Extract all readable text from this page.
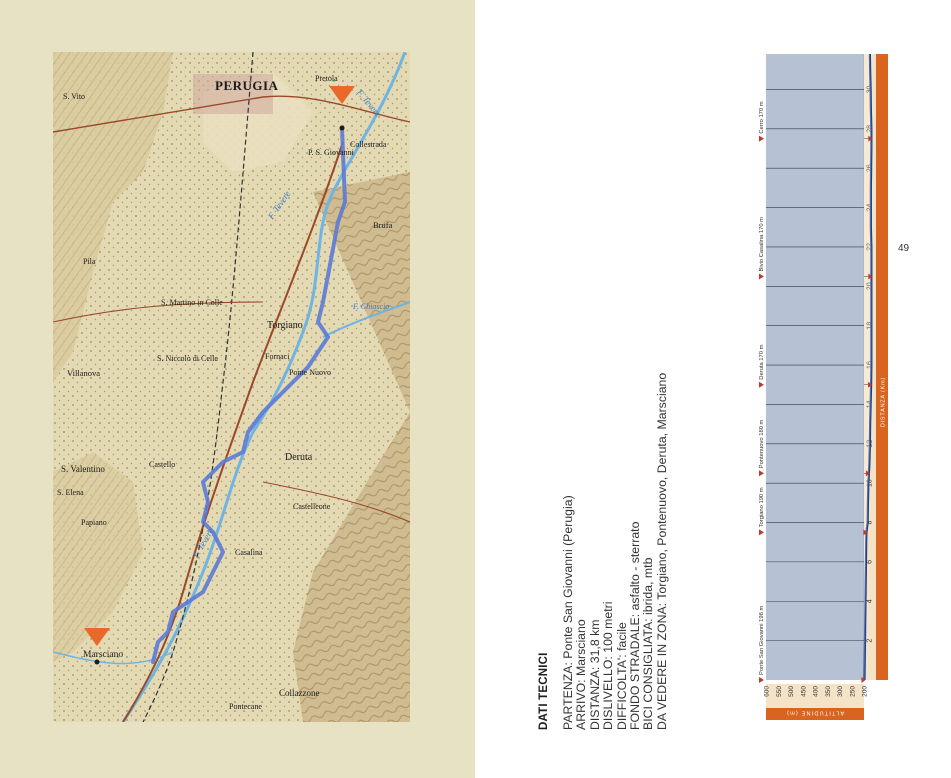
PERUGIA	Pretola
P. S. Giovanni
Collestrada
Brufa
Torgiano
Ponte Nuovo
Fornaci
Deruta
Castelleone
Casalina
Marsciano
Collazzone
Pila
S. Martino in Colle
S. Niccolò di Celle
Villanova
S. Valentino
S. Elena
Papiano
Castello
Pontecane
S. Vito	F. Tevere
F. Tevere
F. Tevere
F. Chiascio
49
DATI TECNICI PARTENZA: Ponte San Giovanni (Perugia) ARRIVO: Marsciano DISTANZA: 31,8 km DISLIVELLO: 100 metri DIFFICOLTA': facile FONDO STRADALE: asfalto - sterrato BICI CONSIGLIATA: ibrida, mtb DA VEDERE IN ZONA: Torgiano, Pontenuovo, Deruta, Marsciano	DISTANZA (Km)
2
4
6
8
10
12
14
16
18
20
22
24
26
28
30
ALTITUDINE (m)
200
250
300
350
400
450
500
550
600
Ponte San Giovanni 198 m
Torgiano 190 m
Pontenuovo 180 m
Deruta 170 m
Bivio Casalina 170 m
Cerro 170 m
